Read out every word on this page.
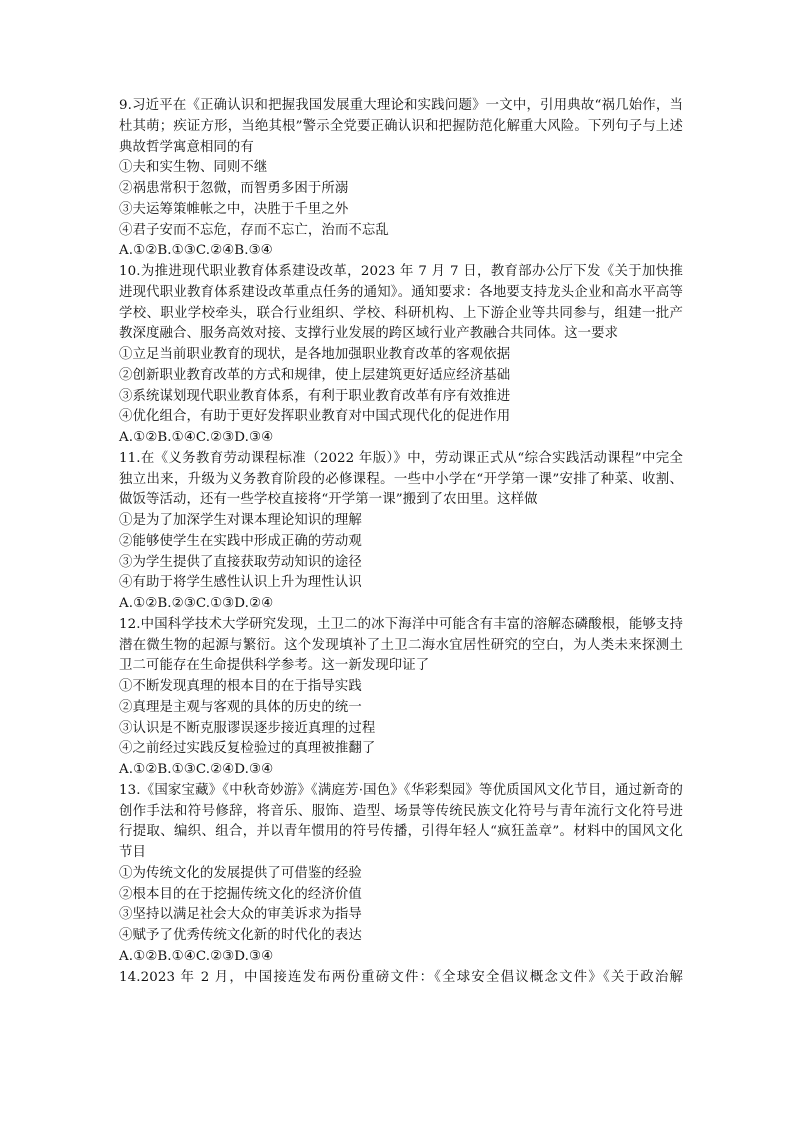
9.习近平在《正确认识和把握我国发展重大理论和实践问题》一文中，引用典故“祸几始作，当杜其萌；疾证方形，当绝其根”警示全党要正确认识和把握防范化解重大风险。下列句子与上述典故哲学寓意相同的有

①夫和实生物、同则不继

②祸患常积于忽微，而智勇多困于所溺

③夫运筹策帷帐之中，决胜于千里之外

④君子安而不忘危，存而不忘亡，治而不忘乱

A.①②B.①③C.②④B.③④

10.为推进现代职业教育体系建设改革，2023 年 7 月 7 日，教育部办公厅下发《关于加快推进现代职业教育体系建设改革重点任务的通知》。通知要求：各地要支持龙头企业和高水平高等学校、职业学校牵头，联合行业组织、学校、科研机构、上下游企业等共同参与，组建一批产教深度融合、服务高效对接、支撑行业发展的跨区域行业产教融合共同体。这一要求

①立足当前职业教育的现状，是各地加强职业教育改革的客观依据

②创新职业教育改革的方式和规律，使上层建筑更好适应经济基础

③系统谋划现代职业教育体系，有利于职业教育改革有序有效推进

④优化组合，有助于更好发挥职业教育对中国式现代化的促进作用

A.①②B.①④C.②③D.③④

11.在《义务教育劳动课程标准（2022 年版）》中，劳动课正式从“综合实践活动课程”中完全独立出来，升级为义务教育阶段的必修课程。一些中小学在“开学第一课”安排了种菜、收割、做饭等活动，还有一些学校直接将“开学第一课”搬到了农田里。这样做

①是为了加深学生对课本理论知识的理解

②能够使学生在实践中形成正确的劳动观

③为学生提供了直接获取劳动知识的途径

④有助于将学生感性认识上升为理性认识

A.①②B.②③C.①③D.②④

12.中国科学技术大学研究发现，土卫二的冰下海洋中可能含有丰富的溶解态磷酸根，能够支持潜在微生物的起源与繁衍。这个发现填补了土卫二海水宜居性研究的空白，为人类未来探测土卫二可能存在生命提供科学参考。这一新发现印证了

①不断发现真理的根本目的在于指导实践

②真理是主观与客观的具体的历史的统一

③认识是不断克服谬误逐步接近真理的过程

④之前经过实践反复检验过的真理被推翻了

A.①②B.①③C.②④D.③④

13.《国家宝藏》《中秋奇妙游》《满庭芳·国色》《华彩梨园》等优质国风文化节目，通过新奇的创作手法和符号修辞，将音乐、服饰、造型、场景等传统民族文化符号与青年流行文化符号进行提取、编织、组合，并以青年惯用的符号传播，引得年轻人“疯狂盖章”。材料中的国风文化节目

①为传统文化的发展提供了可借鉴的经验

②根本目的在于挖掘传统文化的经济价值

③坚持以满足社会大众的审美诉求为指导

④赋予了优秀传统文化新的时代化的表达

A.①②B.①④C.②③D.③④

14.2023 年 2 月，中国接连发布两份重磅文件：《全球安全倡议概念文件》《关于政治解
